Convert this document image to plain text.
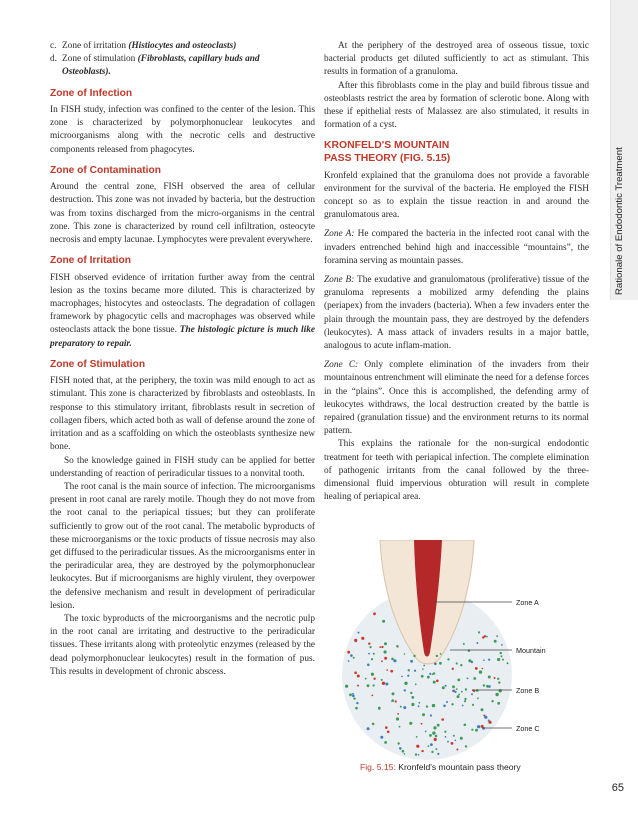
Rationale of Endodontic Treatment
c. Zone of irritation (Histiocytes and osteoclasts)
d. Zone of stimulation (Fibroblasts, capillary buds and
Osteoblasts).
Zone of Infection

In FISH study, infection was confined to the center of the lesion. This zone is characterized by polymorphonuclear leukocytes and microorganisms along with the necrotic cells and destructive components released from phagocytes.

Zone of Contamination

Around the central zone, FISH observed the area of cellular destruction. This zone was not invaded by bacteria, but the destruction was from toxins discharged from the micro-organisms in the central zone. This zone is characterized by round cell infiltration, osteocyte necrosis and empty lacunae. Lymphocytes were prevalent everywhere.

Zone of Irritation

FISH observed evidence of irritation further away from the central lesion as the toxins became more diluted. This is characterized by macrophages, histocytes and osteoclasts. The degradation of collagen framework by phagocytic cells and macrophages was observed while osteoclasts attack the bone tissue. The histologic picture is much like preparatory to repair.

Zone of Stimulation

FISH noted that, at the periphery, the toxin was mild enough to act as stimulant. This zone is characterized by fibroblasts and osteoblasts. In response to this stimulatory irritant, fibroblasts result in secretion of collagen fibers, which acted both as wall of defense around the zone of irritation and as a scaffolding on which the osteoblasts synthesize new bone.

So the knowledge gained in FISH study can be applied for better understanding of reaction of periradicular tissues to a nonvital tooth.

The root canal is the main source of infection. The microorganisms present in root canal are rarely motile. Though they do not move from the root canal to the periapical tissues; but they can proliferate sufficiently to grow out of the root canal. The metabolic byproducts of these microorganisms or the toxic products of tissue necrosis may also get diffused to the periradicular tissues. As the microorganisms enter in the periradicular area, they are destroyed by the polymorphonuclear leukocytes. But if microorganisms are highly virulent, they overpower the defensive mechanism and result in development of periradicular lesion.

The toxic byproducts of the microorganisms and the necrotic pulp in the root canal are irritating and destructive to the periradicular tissues. These irritants along with proteolytic enzymes (released by the dead polymorphonuclear leukocytes) result in the formation of pus. This results in development of chronic abscess.

At the periphery of the destroyed area of osseous tissue, toxic bacterial products get diluted sufficiently to act as stimulant. This results in formation of a granuloma.

After this fibroblasts come in the play and build fibrous tissue and osteoblasts restrict the area by formation of sclerotic bone. Along with these if epithelial rests of Malassez are also stimulated, it results in formation of a cyst.

KRONFELD'S MOUNTAIN
PASS THEORY (FIG. 5.15)

Kronfeld explained that the granuloma does not provide a favorable environment for the survival of the bacteria. He employed the FISH concept so as to explain the tissue reaction in and around the granulomatous area.

Zone A: He compared the bacteria in the infected root canal with the invaders entrenched behind high and inaccessible “mountains”, the foramina serving as mountain passes.

Zone B: The exudative and granulomatous (proliferative) tissue of the granuloma represents a mobilized army defending the plains (periapex) from the invaders (bacteria). When a few invaders enter the plain through the mountain pass, they are destroyed by the defenders (leukocytes). A mass attack of invaders results in a major battle, analogous to acute inflam-mation.

Zone C: Only complete elimination of the invaders from their mountainous entrenchment will eliminate the need for a defense forces in the “plains”. Once this is accomplished, the defending army of leukocytes withdraws, the local destruction created by the battle is repaired (granulation tissue) and the environment returns to its normal pattern.

This explains the rationale for the non-surgical endodontic treatment for teeth with periapical infection. The complete elimination of pathogenic irritants from the canal followed by the three-dimensional fluid impervious obturation will result in complete healing of periapical area.

Zone A
Mountain
Zone B
Zone C
Fig. 5.15: Kronfeld's mountain pass theory
65
